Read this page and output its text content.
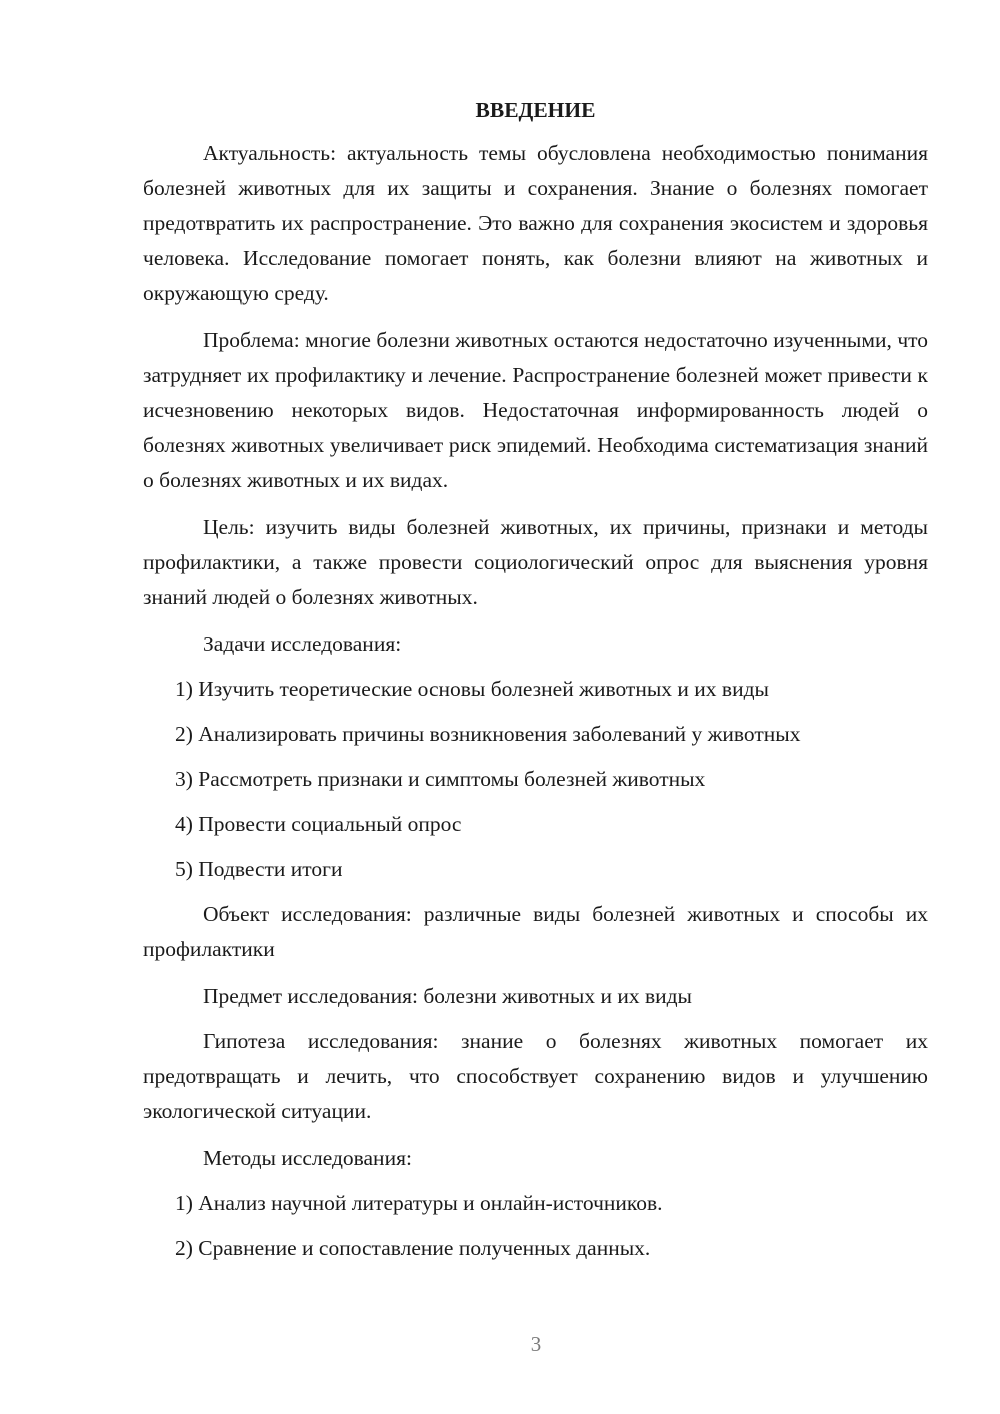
ВВЕДЕНИЕ

Актуальность: актуальность темы обусловлена необходимостью понимания болезней животных для их защиты и сохранения. Знание о болезнях помогает предотвратить их распространение. Это важно для сохранения экосистем и здоровья человека. Исследование помогает понять, как болезни влияют на животных и окружающую среду.

Проблема: многие болезни животных остаются недостаточно изученными, что затрудняет их профилактику и лечение. Распространение болезней может привести к исчезновению некоторых видов. Недостаточная информированность людей о болезнях животных увеличивает риск эпидемий. Необходима систематизация знаний о болезнях животных и их видах.

Цель: изучить виды болезней животных, их причины, признаки и методы профилактики, а также провести социологический опрос для выяснения уровня знаний людей о болезнях животных.

Задачи исследования:
1) Изучить теоретические основы болезней животных и их виды
2) Анализировать причины возникновения заболеваний у животных
3) Рассмотреть признаки и симптомы болезней животных
4) Провести социальный опрос
5) Подвести итоги

Объект исследования: различные виды болезней животных и способы их профилактики

Предмет исследования: болезни животных и их виды

Гипотеза исследования: знание о болезнях животных помогает их предотвращать и лечить, что способствует сохранению видов и улучшению экологической ситуации.

Методы исследования:
1) Анализ научной литературы и онлайн-источников.
2) Сравнение и сопоставление полученных данных.
3
